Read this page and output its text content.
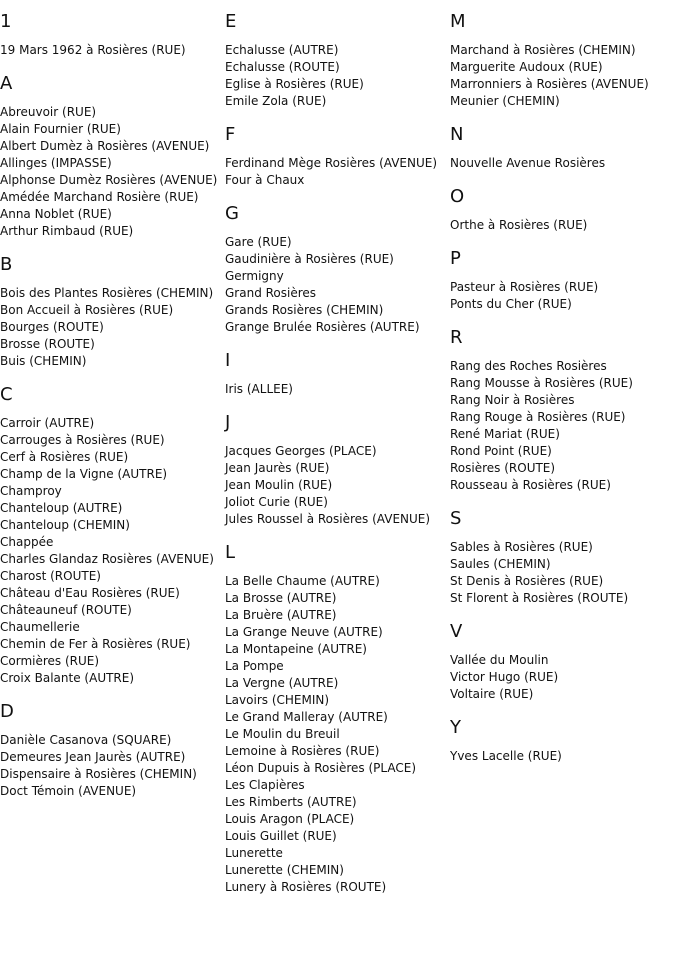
1
19 Mars 1962 à Rosières (RUE)
A
Abreuvoir (RUE)
Alain Fournier (RUE)
Albert Dumèz à Rosières (AVENUE)
Allinges (IMPASSE)
Alphonse Dumèz Rosières (AVENUE)
Amédée Marchand Rosière (RUE)
Anna Noblet (RUE)
Arthur Rimbaud (RUE)
B
Bois des Plantes Rosières (CHEMIN)
Bon Accueil à Rosières (RUE)
Bourges (ROUTE)
Brosse (ROUTE)
Buis (CHEMIN)
C
Carroir (AUTRE)
Carrouges à Rosières (RUE)
Cerf à Rosières (RUE)
Champ de la Vigne (AUTRE)
Champroy
Chanteloup (AUTRE)
Chanteloup (CHEMIN)
Chappée
Charles Glandaz Rosières (AVENUE)
Charost (ROUTE)
Château d'Eau Rosières (RUE)
Châteauneuf (ROUTE)
Chaumellerie
Chemin de Fer à Rosières (RUE)
Cormières (RUE)
Croix Balante (AUTRE)
D
Danièle Casanova (SQUARE)
Demeures Jean Jaurès (AUTRE)
Dispensaire à Rosières (CHEMIN)
Doct Témoin (AVENUE)
E
Echalusse (AUTRE)
Echalusse (ROUTE)
Eglise à Rosières (RUE)
Emile Zola (RUE)
F
Ferdinand Mège Rosières (AVENUE)
Four à Chaux
G
Gare (RUE)
Gaudinière à Rosières (RUE)
Germigny
Grand Rosières
Grands Rosières (CHEMIN)
Grange Brulée Rosières (AUTRE)
I
Iris (ALLEE)
J
Jacques Georges (PLACE)
Jean Jaurès (RUE)
Jean Moulin (RUE)
Joliot Curie (RUE)
Jules Roussel à Rosières (AVENUE)
L
La Belle Chaume (AUTRE)
La Brosse (AUTRE)
La Bruère (AUTRE)
La Grange Neuve (AUTRE)
La Montapeine (AUTRE)
La Pompe
La Vergne (AUTRE)
Lavoirs (CHEMIN)
Le Grand Malleray (AUTRE)
Le Moulin du Breuil
Lemoine à Rosières (RUE)
Léon Dupuis à Rosières (PLACE)
Les Clapières
Les Rimberts (AUTRE)
Louis Aragon (PLACE)
Louis Guillet (RUE)
Lunerette
Lunerette (CHEMIN)
Lunery à Rosières (ROUTE)
M
Marchand à Rosières (CHEMIN)
Marguerite Audoux (RUE)
Marronniers à Rosières (AVENUE)
Meunier (CHEMIN)
N
Nouvelle Avenue Rosières
O
Orthe à Rosières (RUE)
P
Pasteur à Rosières (RUE)
Ponts du Cher (RUE)
R
Rang des Roches Rosières
Rang Mousse à Rosières (RUE)
Rang Noir à Rosières
Rang Rouge à Rosières (RUE)
René Mariat (RUE)
Rond Point (RUE)
Rosières (ROUTE)
Rousseau à Rosières (RUE)
S
Sables à Rosières (RUE)
Saules (CHEMIN)
St Denis à Rosières (RUE)
St Florent à Rosières (ROUTE)
V
Vallée du Moulin
Victor Hugo (RUE)
Voltaire (RUE)
Y
Yves Lacelle (RUE)
